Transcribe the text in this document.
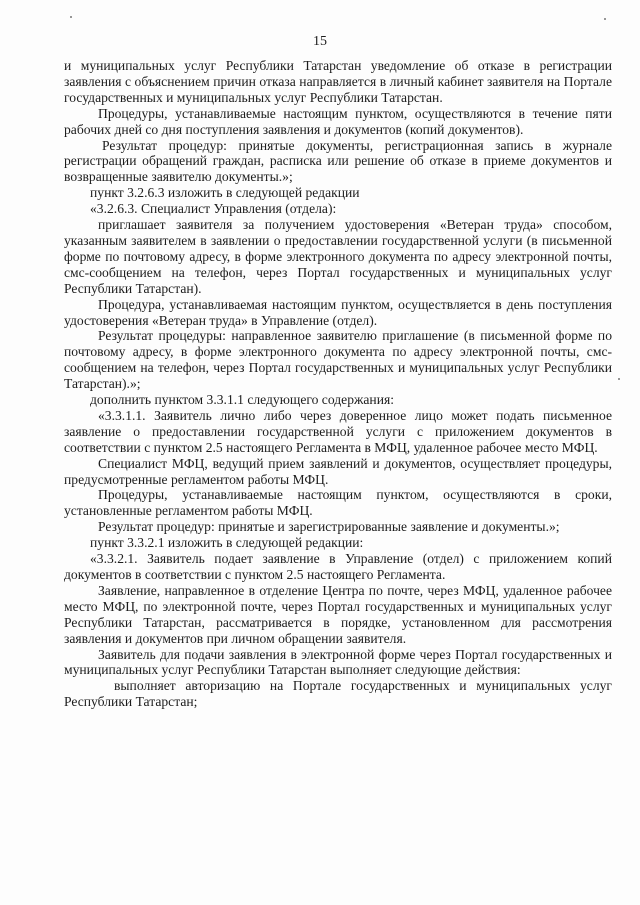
15

и муниципальных услуг Республики Татарстан уведомление об отказе в регистрации заявления с объяснением причин отказа направляется в личный кабинет заявителя на Портале государственных и муниципальных услуг Республики Татарстан.

Процедуры, устанавливаемые настоящим пунктом, осуществляются в течение пяти рабочих дней со дня поступления заявления и документов (копий документов).

Результат процедур: принятые документы, регистрационная запись в журнале регистрации обращений граждан, расписка или решение об отказе в приеме документов и возвращенные заявителю документы.»;

пункт 3.2.6.3 изложить в следующей редакции

«3.2.6.3. Специалист Управления (отдела):

приглашает заявителя за получением удостоверения «Ветеран труда» способом, указанным заявителем в заявлении о предоставлении государственной услуги (в письменной форме по почтовому адресу, в форме электронного документа по адресу электронной почты, смс-сообщением на телефон, через Портал государственных и муниципальных услуг Республики Татарстан).

Процедура, устанавливаемая настоящим пунктом, осуществляется в день поступления удостоверения «Ветеран труда» в Управление (отдел).

Результат процедуры: направленное заявителю приглашение (в письменной форме по почтовому адресу, в форме электронного документа по адресу электронной почты, смс-сообщением на телефон, через Портал государственных и муниципальных услуг Республики Татарстан).»;

дополнить пунктом 3.3.1.1 следующего содержания:

«3.3.1.1. Заявитель лично либо через доверенное лицо может подать письменное заявление о предоставлении государственной услуги с приложением документов в соответствии с пунктом 2.5 настоящего Регламента в МФЦ, удаленное рабочее место МФЦ.

Специалист МФЦ, ведущий прием заявлений и документов, осуществляет процедуры, предусмотренные регламентом работы МФЦ.

Процедуры, устанавливаемые настоящим пунктом, осуществляются в сроки, установленные регламентом работы МФЦ.

Результат процедур: принятые и зарегистрированные заявление и документы.»;

пункт 3.3.2.1 изложить в следующей редакции:

«3.3.2.1. Заявитель подает заявление в Управление (отдел) с приложением копий документов в соответствии с пунктом 2.5 настоящего Регламента.

Заявление, направленное в отделение Центра по почте, через МФЦ, удаленное рабочее место МФЦ, по электронной почте, через Портал государственных и муниципальных услуг Республики Татарстан, рассматривается в порядке, установленном для рассмотрения заявления и документов при личном обращении заявителя.

Заявитель для подачи заявления в электронной форме через Портал государственных и муниципальных услуг Республики Татарстан выполняет следующие действия:

выполняет авторизацию на Портале государственных и муниципальных услуг Республики Татарстан;
